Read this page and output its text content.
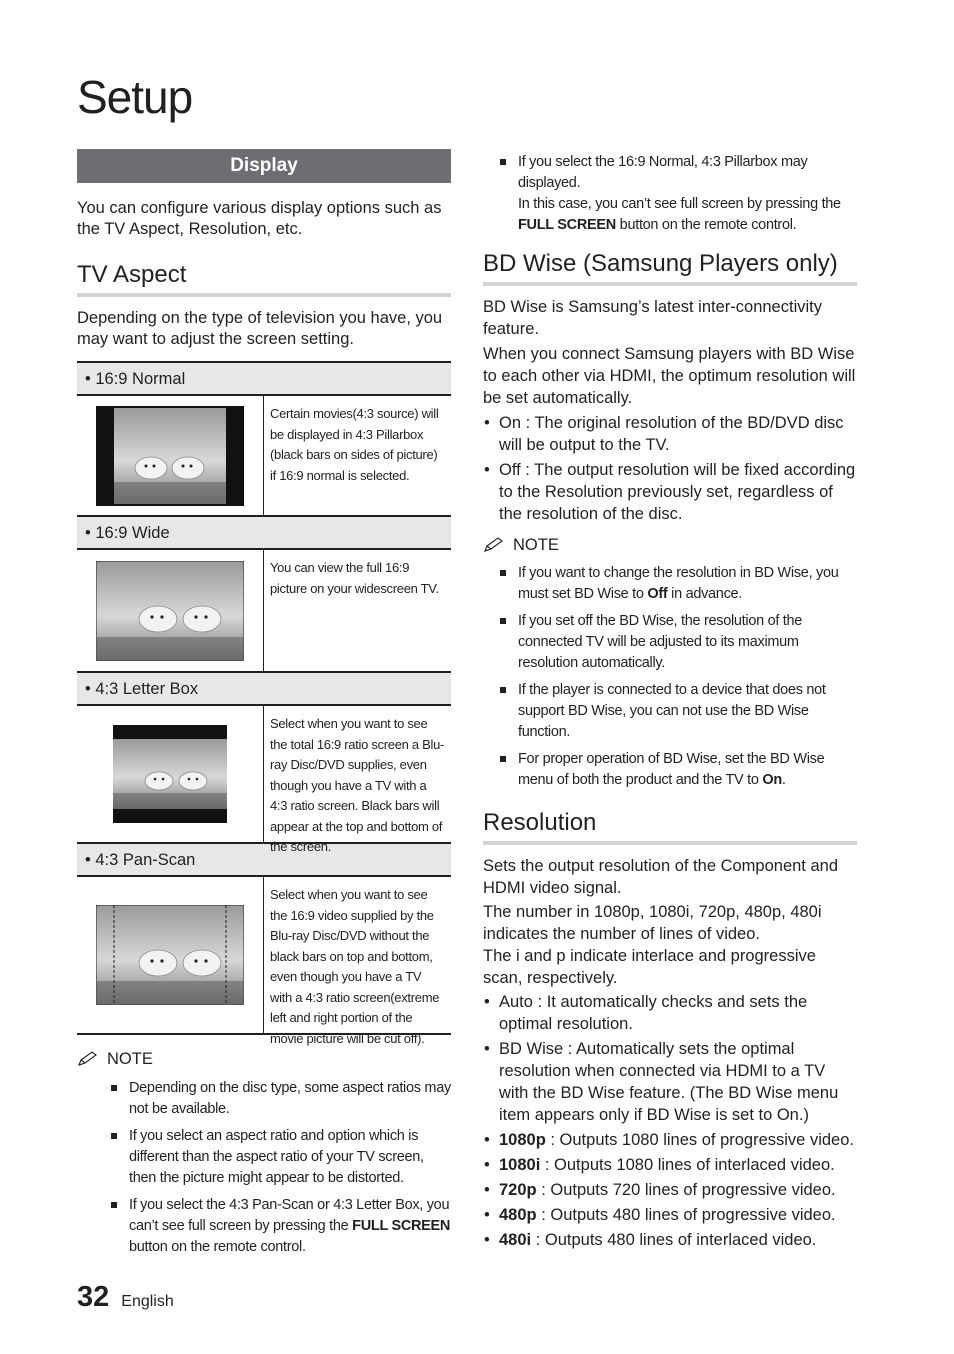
Setup
Display

You can configure various display options such as the TV Aspect, Resolution, etc.

TV Aspect

Depending on the type of television you have, you may want to adjust the screen setting.

• 16:9 Normal

Certain movies(4:3 source) will be displayed in 4:3 Pillarbox (black bars on sides of picture) if 16:9 normal is selected.

• 16:9 Wide

You can view the full 16:9 picture on your widescreen TV.

• 4:3 Letter Box

Select when you want to see the total 16:9 ratio screen a Blu-ray Disc/DVD supplies, even though you have a TV with a 4:3 ratio screen. Black bars will appear at the top and bottom of the screen.

• 4:3 Pan-Scan

Select when you want to see the 16:9 video supplied by the Blu-ray Disc/DVD without the black bars on top and bottom, even though you have a TV with a 4:3 ratio screen(extreme left and right portion of the movie picture will be cut off).

NOTE
Depending on the disc type, some aspect ratios may not be available.
If you select an aspect ratio and option which is different than the aspect ratio of your TV screen, then the picture might appear to be distorted.
If you select the 4:3 Pan-Scan or 4:3 Letter Box, you can’t see full screen by pressing the FULL SCREEN button on the remote control.
If you select the 16:9 Normal, 4:3 Pillarbox may displayed.
In this case, you can’t see full screen by pressing the FULL SCREEN button on the remote control.
BD Wise (Samsung Players only)

BD Wise is Samsung’s latest inter-connectivity feature.

When you connect Samsung players with BD Wise to each other via HDMI, the optimum resolution will be set automatically.

• On : The original resolution of the BD/DVD disc will be output to the TV.
• Off : The output resolution will be fixed according to the Resolution previously set, regardless of the resolution of the disc.
NOTE
If you want to change the resolution in BD Wise, you must set BD Wise to Off in advance.
If you set off the BD Wise, the resolution of the connected TV will be adjusted to its maximum resolution automatically.
If the player is connected to a device that does not support BD Wise, you can not use the BD Wise function.
For proper operation of BD Wise, set the BD Wise menu of both the product and the TV to On.
Resolution

Sets the output resolution of the Component and HDMI video signal.

The number in 1080p, 1080i, 720p, 480p, 480i indicates the number of lines of video.

The i and p indicate interlace and progressive scan, respectively.

• Auto : It automatically checks and sets the optimal resolution.
• BD Wise : Automatically sets the optimal resolution when connected via HDMI to a TV with the BD Wise feature. (The BD Wise menu item appears only if BD Wise is set to On.)
• 1080p : Outputs 1080 lines of progressive video.
• 1080i : Outputs 1080 lines of interlaced video.
• 720p : Outputs 720 lines of progressive video.
• 480p : Outputs 480 lines of progressive video.
• 480i : Outputs 480 lines of interlaced video.
32 English
